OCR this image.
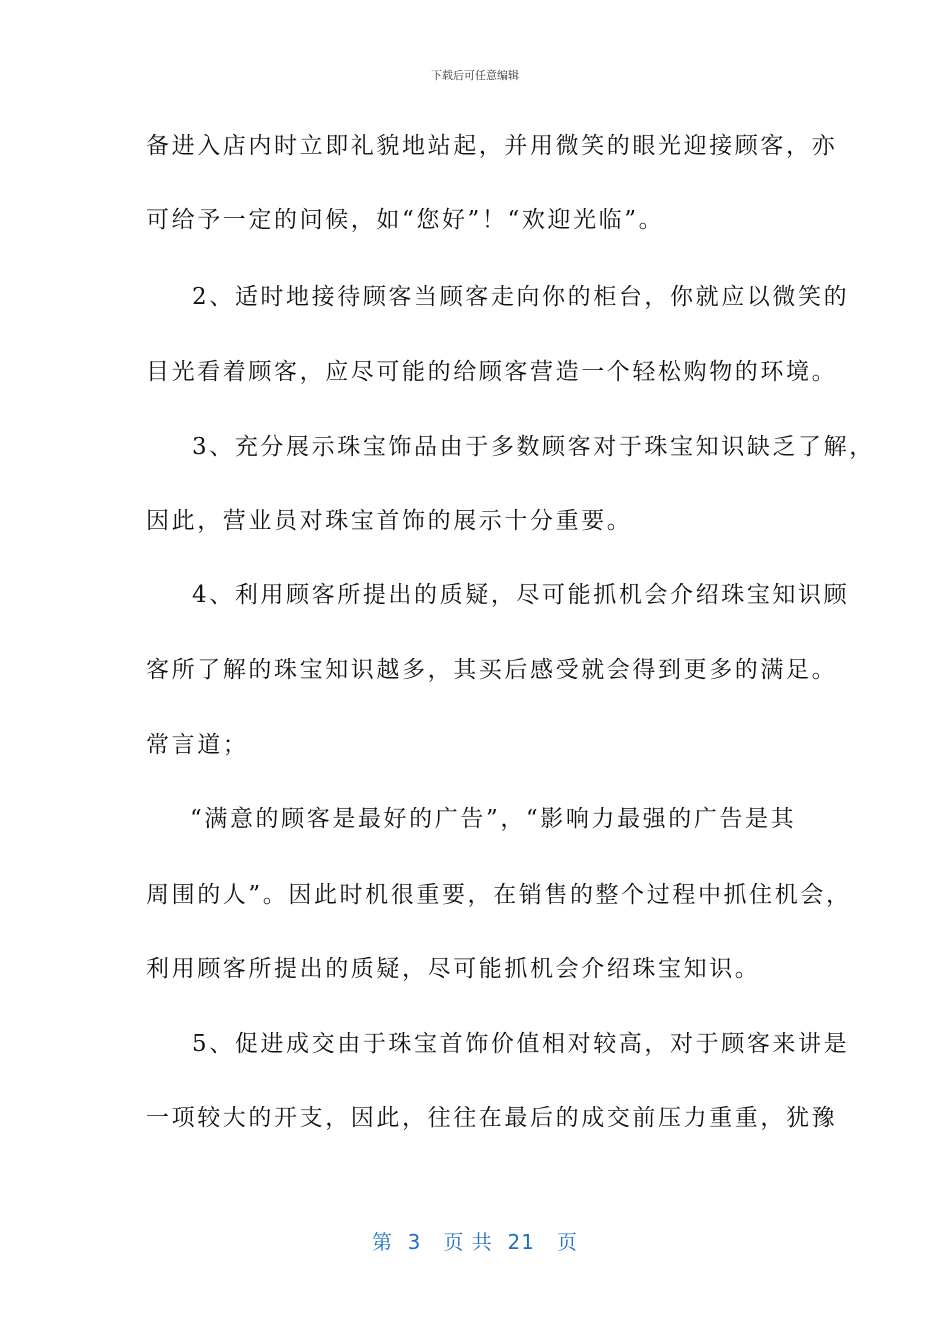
下载后可任意编辑
备进入店内时立即礼貌地站起，并用微笑的眼光迎接顾客，亦
可给予一定的问候，如“您好”！“欢迎光临”。
2、适时地接待顾客当顾客走向你的柜台，你就应以微笑的
目光看着顾客，应尽可能的给顾客营造一个轻松购物的环境。
3、充分展示珠宝饰品由于多数顾客对于珠宝知识缺乏了解，
因此，营业员对珠宝首饰的展示十分重要。
4、利用顾客所提出的质疑，尽可能抓机会介绍珠宝知识顾
客所了解的珠宝知识越多，其买后感受就会得到更多的满足。
常言道；
“满意的顾客是最好的广告”，“影响力最强的广告是其
周围的人”。因此时机很重要，在销售的整个过程中抓住机会，
利用顾客所提出的质疑，尽可能抓机会介绍珠宝知识。
5、促进成交由于珠宝首饰价值相对较高，对于顾客来讲是
一项较大的开支，因此，往往在最后的成交前压力重重，犹豫
第  3   页 共  21   页
